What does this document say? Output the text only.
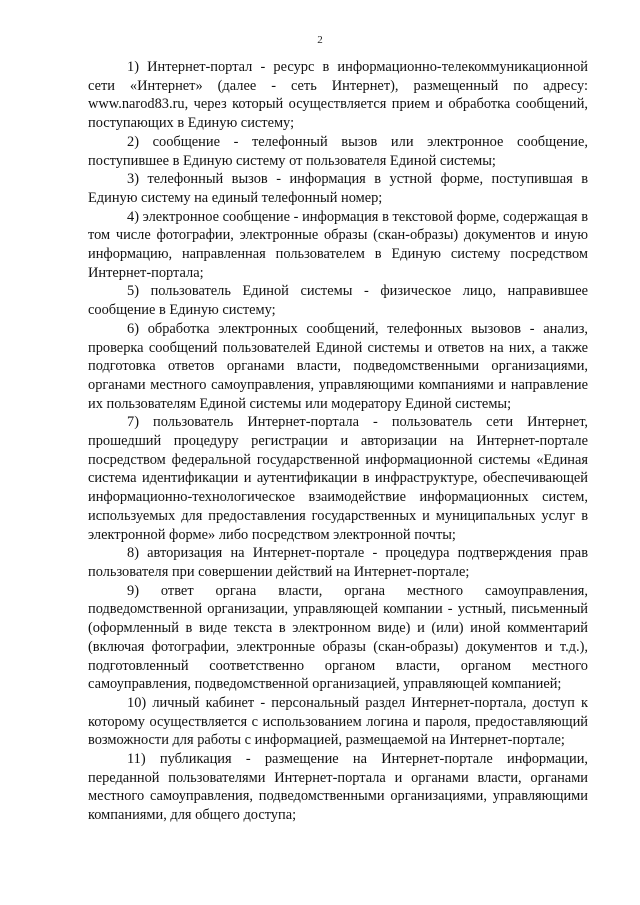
2

1) Интернет-портал - ресурс в информационно-телекоммуникационной сети «Интернет» (далее - сеть Интернет), размещенный по адресу: www.narod83.ru, через который осуществляется прием и обработка сообщений, поступающих в Единую систему;

2) сообщение - телефонный вызов или электронное сообщение, поступившее в Единую систему от пользователя Единой системы;

3) телефонный вызов - информация в устной форме, поступившая в Единую систему на единый телефонный номер;

4) электронное сообщение - информация в текстовой форме, содержащая в том числе фотографии, электронные образы (скан-образы) документов и иную информацию, направленная пользователем в Единую систему посредством Интернет-портала;

5) пользователь Единой системы - физическое лицо, направившее сообщение в Единую систему;

6) обработка электронных сообщений, телефонных вызовов - анализ, проверка сообщений пользователей Единой системы и ответов на них, а также подготовка ответов органами власти, подведомственными организациями, органами местного самоуправления, управляющими компаниями и направление их пользователям Единой системы или модератору Единой системы;

7) пользователь Интернет-портала - пользователь сети Интернет, прошедший процедуру регистрации и авторизации на Интернет-портале посредством федеральной государственной информационной системы «Единая система идентификации и аутентификации в инфраструктуре, обеспечивающей информационно-технологическое взаимодействие информационных систем, используемых для предоставления государственных и муниципальных услуг в электронной форме» либо посредством электронной почты;

8) авторизация на Интернет-портале - процедура подтверждения прав пользователя при совершении действий на Интернет-портале;

9) ответ органа власти, органа местного самоуправления, подведомственной организации, управляющей компании - устный, письменный (оформленный в виде текста в электронном виде) и (или) иной комментарий (включая фотографии, электронные образы (скан-образы) документов и т.д.), подготовленный соответственно органом власти, органом местного самоуправления, подведомственной организацией, управляющей компанией;

10) личный кабинет - персональный раздел Интернет-портала, доступ к которому осуществляется с использованием логина и пароля, предоставляющий возможности для работы с информацией, размещаемой на Интернет-портале;

11) публикация - размещение на Интернет-портале информации, переданной пользователями Интернет-портала и органами власти, органами местного самоуправления, подведомственными организациями, управляющими компаниями, для общего доступа;
